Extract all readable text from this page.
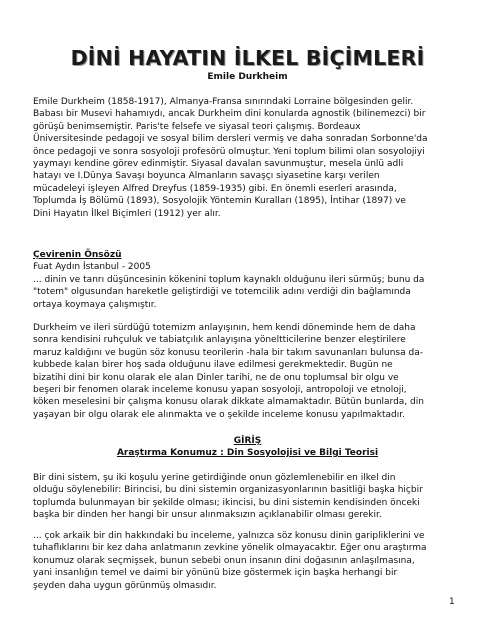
DİNİ HAYATIN İLKEL BİÇİMLERİ
Emile Durkheim
Emile Durkheim (1858-1917), Almanya-Fransa sınırındaki Lorraine bölgesinden gelir.
Babası bir Musevi hahamıydı, ancak Durkheim dini konularda agnostik (bilinemezci) bir
görüşü benimsemiştir. Paris'te felsefe ve siyasal teori çalışmış. Bordeaux
Üniversitesinde pedagoji ve sosyal bilim dersleri vermiş ve daha sonradan Sorbonne'da
önce pedagoji ve sonra sosyoloji profesörü olmuştur. Yeni toplum bilimi olan sosyolojiyi
yaymayı kendine görev edinmiştir. Siyasal davalan savunmuştur, mesela ünlü adli
hatayı ve I.Dünya Savaşı boyunca Almanların savaşçı siyasetine karşı verilen
mücadeleyi işleyen Alfred Dreyfus (1859-1935) gibi. En önemli eserleri arasında,
Toplumda İş Bölümü (1893), Sosyolojik Yöntemin Kuralları (1895), İntihar (1897) ve
Dini Hayatın İlkel Biçimleri (1912) yer alır.
Çevirenin Önsözü
Fuat Aydın İstanbul - 2005
... dinin ve tanrı düşüncesinin kökenini toplum kaynaklı olduğunu ileri sürmüş; bunu da
"totem" olgusundan hareketle geliştirdiği ve totemcilik adını verdiği din bağlamında
ortaya koymaya çalışmıştır.
Durkheim ve ileri sürdüğü totemizm anlayışının, hem kendi döneminde hem de daha
sonra kendisini ruhçuluk ve tabiatçılık anlayışına yöneltticilerine benzer eleştirilere
maruz kaldığını ve bugün söz konusu teorilerin -hala bir takım savunanları bulunsa da-
kubbede kalan birer hoş sada olduğunu ilave edilmesi gerekmektedir. Bugün ne
bizatihi dini bir konu olarak ele alan Dinler tarihi, ne de onu toplumsal bir olgu ve
beşeri bir fenomen olarak inceleme konusu yapan sosyoloji, antropoloji ve etnoloji,
köken meselesini bir çalışma konusu olarak dikkate almamaktadır. Bütün bunlarda, din
yaşayan bir olgu olarak ele alınmakta ve o şekilde inceleme konusu yapılmaktadır.
GİRİŞ
Araştırma Konumuz : Din Sosyolojisi ve Bilgi Teorisi
Bir dini sistem, şu iki koşulu yerine getirdiğinde onun gözlemlenebilir en ilkel din
olduğu söylenebilir: Birincisi, bu dini sistemin organizasyonlarının basitliği başka hiçbir
toplumda bulunmayan bir şekilde olması; ikincisi, bu dini sistemin kendisinden önceki
başka bir dinden her hangi bir unsur alınmaksızın açıklanabilir olması gerekir.
... çok arkaik bir din hakkındaki bu inceleme, yalnızca söz konusu dinin garipliklerini ve
tuhaflıklarını bir kez daha anlatmanın zevkine yönelik olmayacaktır. Eğer onu araştırma
konumuz olarak seçmişsek, bunun sebebi onun insanın dini doğasının anlaşılmasına,
yani insanlığın temel ve daimi bir yönünü bize göstermek için başka herhangi bir
şeyden daha uygun görünmüş olmasıdır.
1
